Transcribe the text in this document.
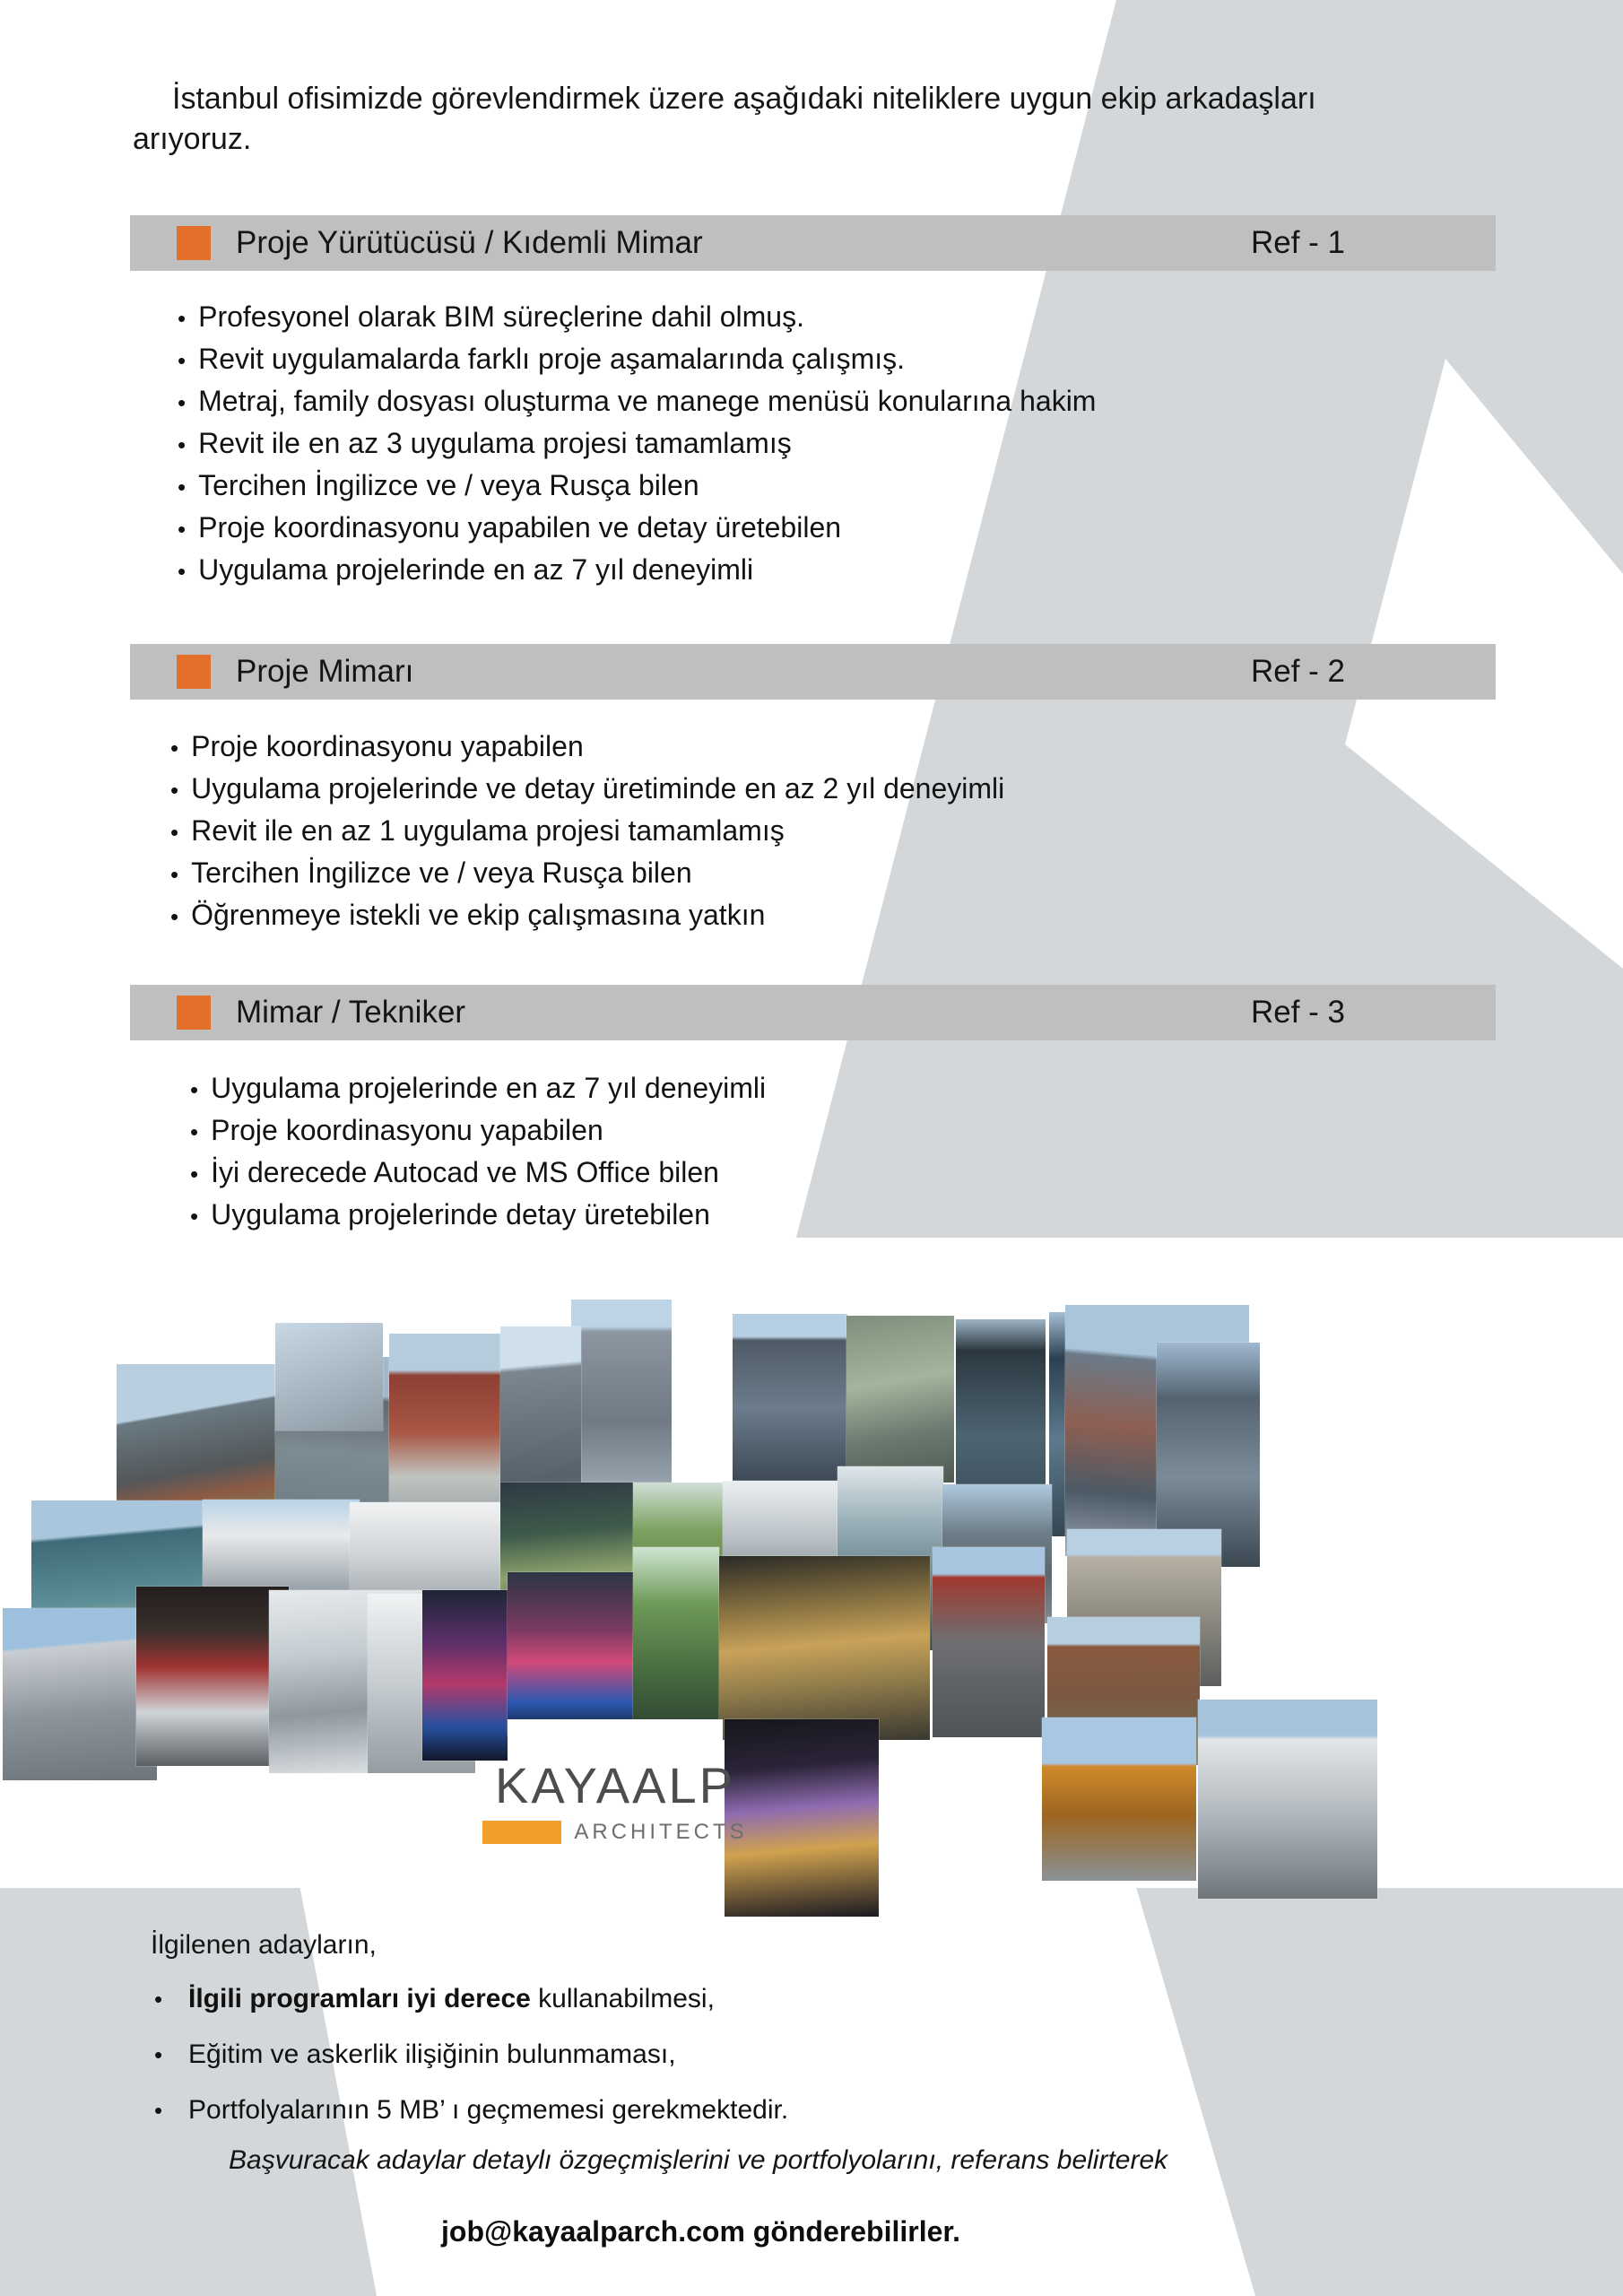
İstanbul ofisimizde görevlendirmek üzere aşağıdaki niteliklere uygun ekip arkadaşları arıyoruz.
Proje Yürütücüsü / Kıdemli Mimar	Ref - 1
• Profesyonel olarak BIM süreçlerine dahil olmuş.
• Revit uygulamalarda farklı proje aşamalarında çalışmış.
• Metraj, family dosyası oluşturma ve manege menüsü konularına hakim
• Revit ile en az 3 uygulama projesi tamamlamış
• Tercihen İngilizce ve / veya Rusça bilen
• Proje koordinasyonu yapabilen ve detay üretebilen
• Uygulama projelerinde en az 7 yıl deneyimli
Proje Mimarı	Ref - 2
• Proje koordinasyonu yapabilen
• Uygulama projelerinde ve detay üretiminde en az 2 yıl deneyimli
• Revit ile en az 1 uygulama projesi tamamlamış
• Tercihen İngilizce ve / veya Rusça bilen
• Öğrenmeye istekli ve ekip çalışmasına yatkın
Mimar / Tekniker	Ref - 3
• Uygulama projelerinde en az 7 yıl deneyimli
• Proje koordinasyonu yapabilen
• İyi derecede Autocad ve MS Office bilen
• Uygulama projelerinde detay üretebilen
KAYAALP
ARCHITECTS
İlgilenen adayların,
• İlgili programları iyi derece kullanabilmesi,
• Eğitim ve askerlik ilişiğinin bulunmaması,
• Portfolyalarının 5 MB’ ı geçmemesi gerekmektedir.
Başvuracak adaylar detaylı özgeçmişlerini ve portfolyolarını, referans belirterek
job@kayaalparch.com gönderebilirler.
